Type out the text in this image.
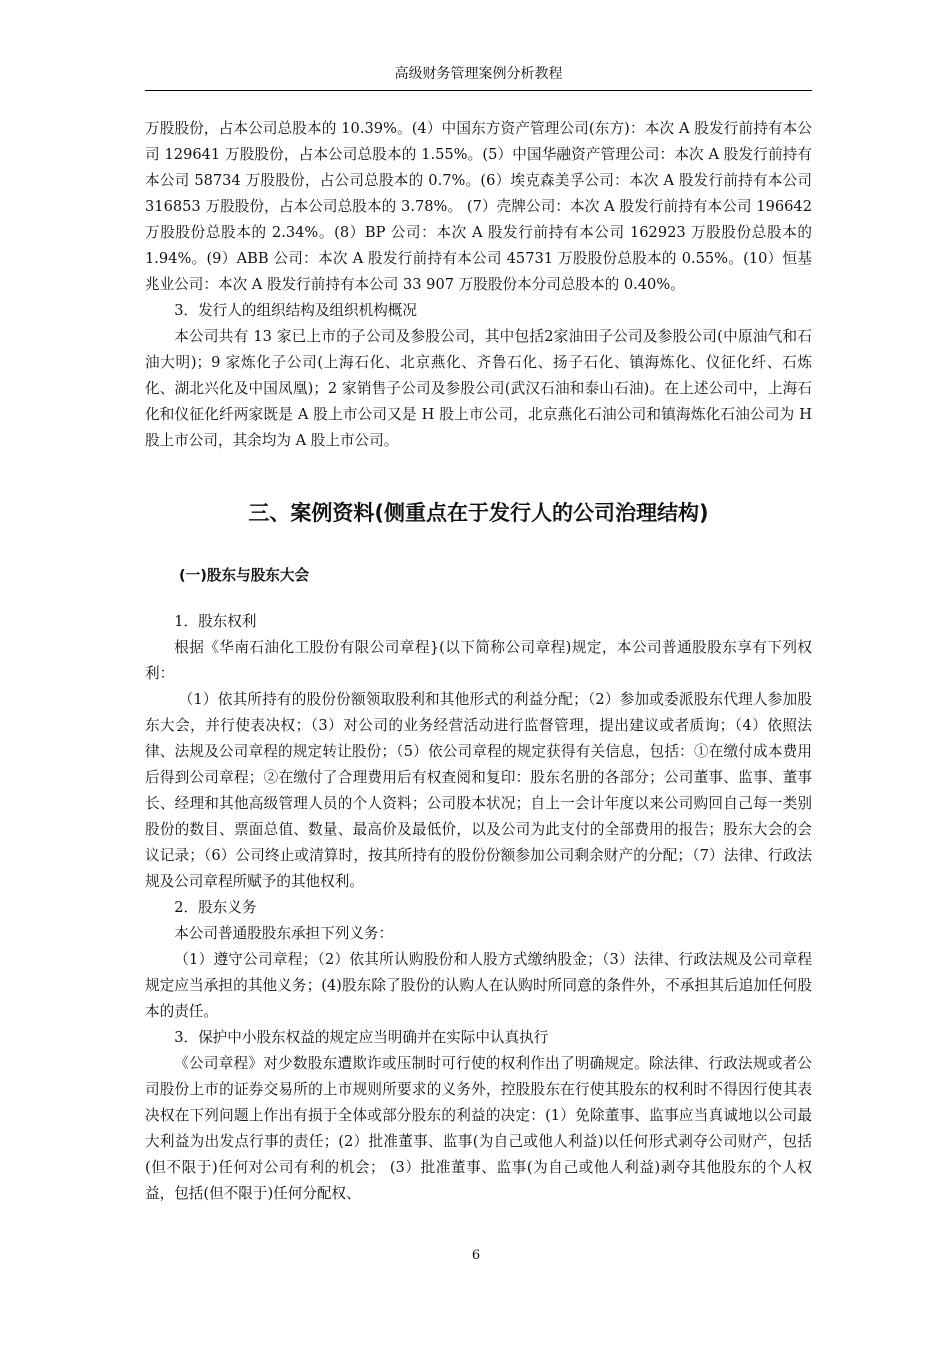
高级财务管理案例分析教程

万股股份，占本公司总股本的 10.39%。(4）中国东方资产管理公司(东方)：本次 A 股发行前持有本公司 129641 万股股份，占本公司总股本的 1.55%。(5）中国华融资产管理公司：本次 A 股发行前持有本公司 58734 万股股份，占公司总股本的 0.7%。(6）埃克森美孚公司：本次 A 股发行前持有本公司 316853 万股股份，占本公司总股本的 3.78%。 (7）壳牌公司：本次 A 股发行前持有本公司 196642 万股股份总股本的 2.34%。(8）BP 公司：本次 A 股发行前持有本公司 162923 万股股份总股本的 1.94%。(9）ABB 公司：本次 A 股发行前持有本公司 45731 万股股份总股本的 0.55%。(10）恒基兆业公司：本次 A 股发行前持有本公司 33 907 万股股份本分司总股本的 0.40%。

3．发行人的组织结构及组织机构概况

本公司共有 13 家已上市的子公司及参股公司，其中包括2家油田子公司及参股公司(中原油气和石油大明)；9 家炼化子公司(上海石化、北京燕化、齐鲁石化、扬子石化、镇海炼化、仪征化纤、石炼化、湖北兴化及中国凤凰)；2 家销售子公司及参股公司(武汉石油和泰山石油)。在上述公司中，上海石化和仪征化纤两家既是 A 股上市公司又是 H 股上市公司，北京燕化石油公司和镇海炼化石油公司为 H 股上市公司，其余均为 A 股上市公司。

三、案例资料(侧重点在于发行人的公司治理结构)
(一)股东与股东大会

1．股东权利

根据《华南石油化工股份有限公司章程}(以下简称公司章程)规定，本公司普通股股东享有下列权利：

（1）依其所持有的股份份额领取股利和其他形式的利益分配；（2）参加或委派股东代理人参加股东大会，并行使表决权；（3）对公司的业务经营活动进行监督管理，提出建议或者质询；（4）依照法律、法规及公司章程的规定转让股份；（5）依公司章程的规定获得有关信息，包括：①在缴付成本费用后得到公司章程；②在缴付了合理费用后有权查阅和复印：股东名册的各部分；公司董事、监事、董事长、经理和其他高级管理人员的个人资料；公司股本状况；自上一会计年度以来公司购回自己每一类别股份的数目、票面总值、数量、最高价及最低价，以及公司为此支付的全部费用的报告；股东大会的会议记录；（6）公司终止或清算时，按其所持有的股份份额参加公司剩余财产的分配；（7）法律、行政法规及公司章程所赋予的其他权利。

2．股东义务

本公司普通股股东承担下列义务：

（1）遵守公司章程；（2）依其所认购股份和人股方式缴纳股金；（3）法律、行政法规及公司章程规定应当承担的其他义务；(4)股东除了股份的认购人在认购时所同意的条件外，不承担其后追加任何股本的责任。

3．保护中小股东权益的规定应当明确并在实际中认真执行

《公司章程》对少数股东遭欺诈或压制时可行使的权利作出了明确规定。除法律、行政法规或者公司股份上市的证券交易所的上市规则所要求的义务外，控股股东在行使其股东的权利时不得因行使其表决权在下列问题上作出有损于全体或部分股东的利益的决定：(1）免除董事、监事应当真诚地以公司最大利益为出发点行事的责任；(2）批准董事、监事(为自己或他人利益)以任何形式剥夺公司财产，包括(但不限于)任何对公司有利的机会； (3）批准董事、监事(为自己或他人利益)剥夺其他股东的个人权益，包括(但不限于)任何分配权、

6
